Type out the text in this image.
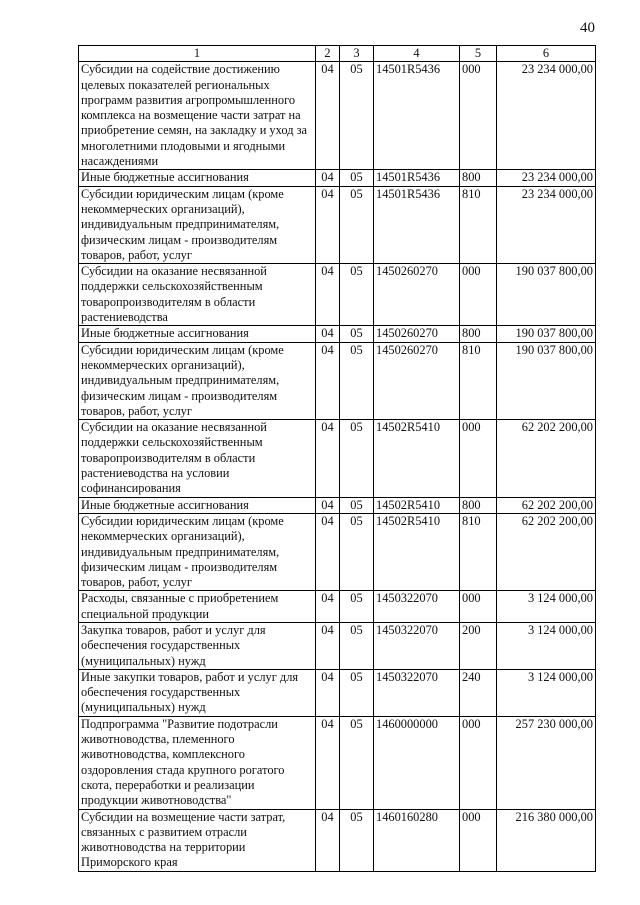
40
1	2	3	4	5	6
Субсидии на содействие достижению целевых показателей региональных программ развития агропромышленного комплекса на возмещение части затрат на приобретение семян, на закладку и уход за многолетними плодовыми и ягодными насаждениями	04	05	14501R5436	000	23 234 000,00
Иные бюджетные ассигнования	04	05	14501R5436	800	23 234 000,00
Субсидии юридическим лицам (кроме некоммерческих организаций), индивидуальным предпринимателям, физическим лицам - производителям товаров, работ, услуг	04	05	14501R5436	810	23 234 000,00
Субсидии на оказание несвязанной поддержки сельскохозяйственным товаропроизводителям в области растениеводства	04	05	1450260270	000	190 037 800,00
Иные бюджетные ассигнования	04	05	1450260270	800	190 037 800,00
Субсидии юридическим лицам (кроме некоммерческих организаций), индивидуальным предпринимателям, физическим лицам - производителям товаров, работ, услуг	04	05	1450260270	810	190 037 800,00
Субсидии на оказание несвязанной поддержки сельскохозяйственным товаропроизводителям в области растениеводства на условии софинансирования	04	05	14502R5410	000	62 202 200,00
Иные бюджетные ассигнования	04	05	14502R5410	800	62 202 200,00
Субсидии юридическим лицам (кроме некоммерческих организаций), индивидуальным предпринимателям, физическим лицам - производителям товаров, работ, услуг	04	05	14502R5410	810	62 202 200,00
Расходы, связанные с приобретением специальной продукции	04	05	1450322070	000	3 124 000,00
Закупка товаров, работ и услуг для обеспечения государственных (муниципальных) нужд	04	05	1450322070	200	3 124 000,00
Иные закупки товаров, работ и услуг для обеспечения государственных (муниципальных) нужд	04	05	1450322070	240	3 124 000,00
Подпрограмма "Развитие подотрасли животноводства, племенного животноводства, комплексного оздоровления стада крупного рогатого скота, переработки и реализации продукции животноводства"	04	05	1460000000	000	257 230 000,00
Субсидии на возмещение части затрат, связанных с развитием отрасли животноводства на территории Приморского края	04	05	1460160280	000	216 380 000,00
